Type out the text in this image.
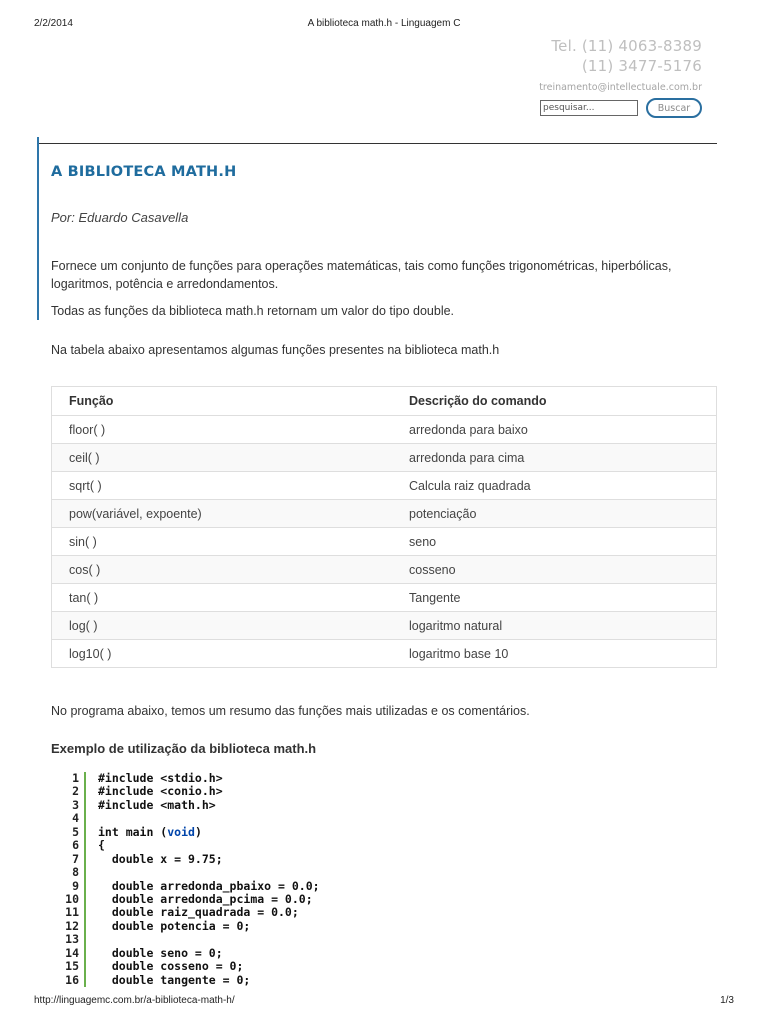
2/2/2014	A biblioteca math.h - Linguagem C
Tel. (11) 4063-8389
(11) 3477-5176
treinamento@intellectuale.com.br
pesquisar...
Buscar
A BIBLIOTECA MATH.H
Por: Eduardo Casavella
Fornece um conjunto de funções para operações matemáticas, tais como funções trigonométricas, hiperbólicas, logaritmos, potência e arredondamentos.
Todas as funções da biblioteca math.h retornam um valor do tipo double.
Na tabela abaixo apresentamos algumas funções presentes na biblioteca math.h
Função	Descrição do comando
floor( )	arredonda para baixo
ceil( )	arredonda para cima
sqrt( )	Calcula raiz quadrada
pow(variável, expoente)	potenciação
sin( )	seno
cos( )	cosseno
tan( )	Tangente
log( )	logaritmo natural
log10( )	logaritmo base 10
No programa abaixo, temos um resumo das funções mais utilizadas e os comentários.
Exemplo de utilização da biblioteca math.h
1	#include <stdio.h>
2	#include <conio.h>
3	#include <math.h>
4
5	int main (void)
6	{
7	double x = 9.75;
8
9	double arredonda_pbaixo = 0.0;
10	double arredonda_pcima = 0.0;
11	double raiz_quadrada = 0.0;
12	double potencia = 0;
13
14	double seno = 0;
15	double cosseno = 0;
16	double tangente = 0;
http://linguagemc.com.br/a-biblioteca-math-h/	1/3
